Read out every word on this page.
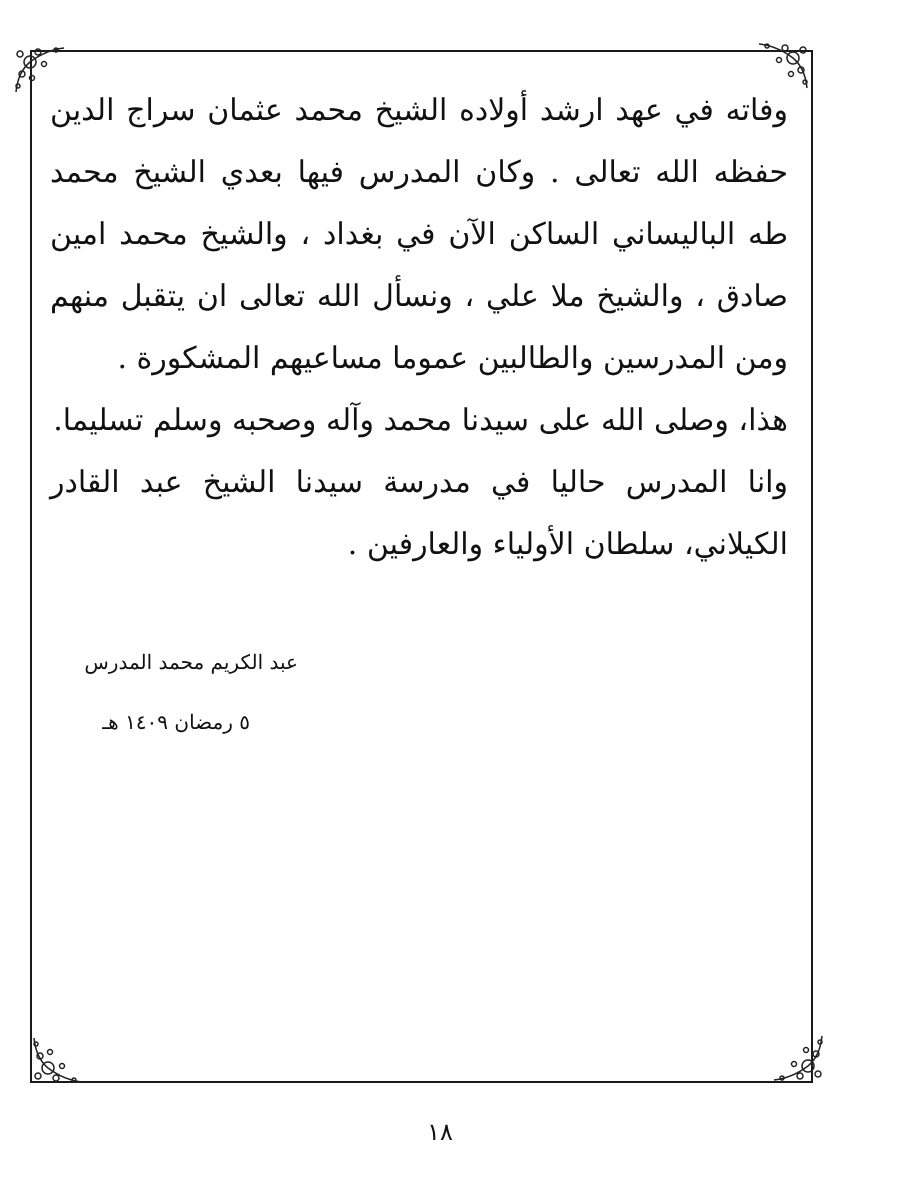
وفاته في عهد ارشد أولاده الشيخ محمد عثمان سراج الدين حفظه الله تعالى . وكان المدرس فيها بعدي الشيخ محمد طه الباليساني الساكن الآن في بغداد ، والشيخ محمد امين صادق ، والشيخ ملا علي ، ونسأل الله تعالى ان يتقبل منهم ومن المدرسين والطالبين عموما مساعيهم المشكورة .

هذا، وصلى الله على سيدنا محمد وآله وصحبه وسلم تسليما.

وانا المدرس حاليا في مدرسة سيدنا الشيخ عبد القادر الكيلاني، سلطان الأولياء والعارفين .

عبد الكريم محمد المدرس
٥ رمضان ١٤٠٩ هـ
١٨
